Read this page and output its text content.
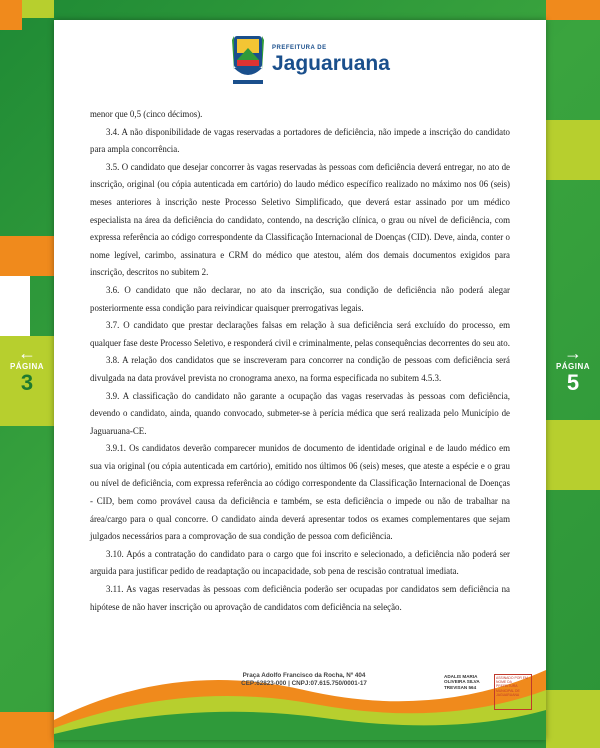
←
PÁGINA
3
→
PÁGINA
5
PREFEITURA DE
Jaguaruana

menor que 0,5 (cinco décimos).

3.4. A não disponibilidade de vagas reservadas a portadores de deficiência, não impede a inscrição do candidato para ampla concorrência.

3.5. O candidato que desejar concorrer às vagas reservadas às pessoas com deficiência deverá entregar, no ato de inscrição, original (ou cópia autenticada em cartório) do laudo médico específico realizado no máximo nos 06 (seis) meses anteriores à inscrição neste Processo Seletivo Simplificado, que deverá estar assinado por um médico especialista na área da deficiência do candidato, contendo, na descrição clínica, o grau ou nível de deficiência, com expressa referência ao código correspondente da Classificação Internacional de Doenças (CID). Deve, ainda, conter o nome legível, carimbo, assinatura e CRM do médico que atestou, além dos demais documentos exigidos para inscrição, descritos no subitem 2.

3.6. O candidato que não declarar, no ato da inscrição, sua condição de deficiência não poderá alegar posteriormente essa condição para reivindicar quaisquer prerrogativas legais.

3.7. O candidato que prestar declarações falsas em relação à sua deficiência será excluído do processo, em qualquer fase deste Processo Seletivo, e responderá civil e criminalmente, pelas consequências decorrentes do seu ato.

3.8. A relação dos candidatos que se inscreveram para concorrer na condição de pessoas com deficiência será divulgada na data provável prevista no cronograma anexo, na forma especificada no subitem 4.5.3.

3.9. A classificação do candidato não garante a ocupação das vagas reservadas às pessoas com deficiência, devendo o candidato, ainda, quando convocado, submeter-se à perícia médica que será realizada pelo Município de Jaguaruana-CE.

3.9.1. Os candidatos deverão comparecer munidos de documento de identidade original e de laudo médico em sua via original (ou cópia autenticada em cartório), emitido nos últimos 06 (seis) meses, que ateste a espécie e o grau ou nível de deficiência, com expressa referência ao código correspondente da Classificação Internacional de Doenças - CID, bem como provável causa da deficiência e também, se esta deficiência o impede ou não de trabalhar na área/cargo para o qual concorre. O candidato ainda deverá apresentar todos os exames complementares que sejam julgados necessários para a comprovação de sua condição de pessoa com deficiência.

3.10. Após a contratação do candidato para o cargo que foi inscrito e selecionado, a deficiência não poderá ser arguida para justificar pedido de readaptação ou incapacidade, sob pena de rescisão contratual imediata.

3.11. As vagas reservadas às pessoas com deficiência poderão ser ocupadas por candidatos sem deficiência na hipótese de não haver inscrição ou aprovação de candidatos com deficiência na seleção.

Praça Adolfo Francisco da Rocha, Nº 404
CEP:62823-000 | CNPJ:07.615.750/0001-17
ADALIS MARIA OLIVEIRA SILVA TREVISAN 564
ASSINADO POR EM NOME DA PREFEITURA MUNICIPAL DE JAGUARUANA
